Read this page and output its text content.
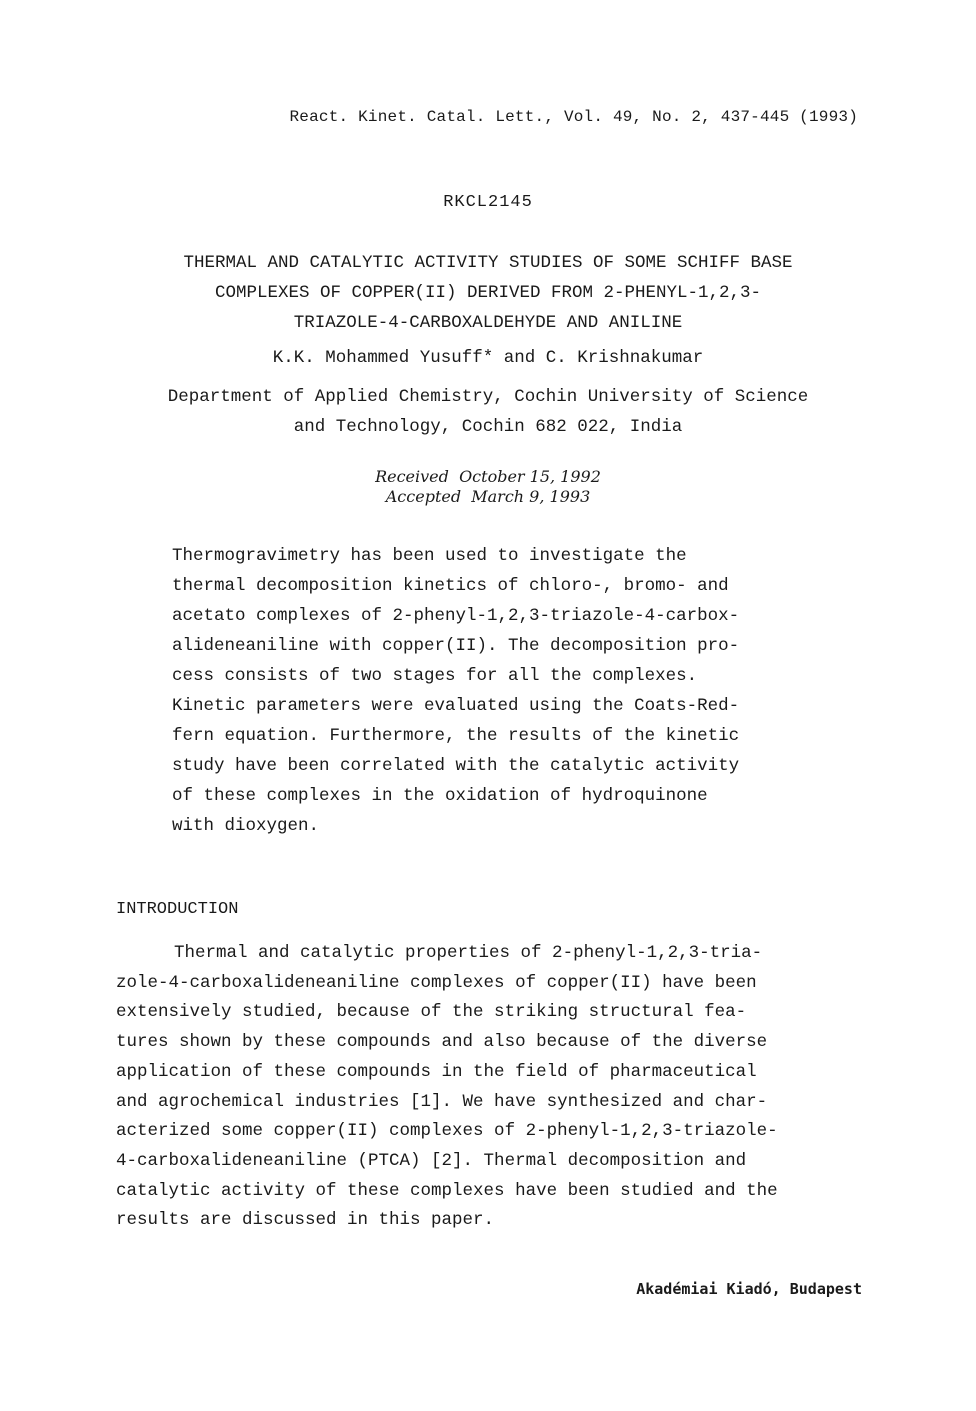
React. Kinet. Catal. Lett., Vol. 49, No. 2, 437-445 (1993)
RKCL2145
THERMAL AND CATALYTIC ACTIVITY STUDIES OF SOME SCHIFF BASE
COMPLEXES OF COPPER(II) DERIVED FROM 2-PHENYL-1,2,3-
TRIAZOLE-4-CARBOXALDEHYDE AND ANILINE
K.K. Mohammed Yusuff* and C. Krishnakumar
Department of Applied Chemistry, Cochin University of Science
and Technology, Cochin 682 022, India
Received  October 15, 1992
Accepted  March 9, 1993
Thermogravimetry has been used to investigate the
thermal decomposition kinetics of chloro-, bromo- and
acetato complexes of 2-phenyl-1,2,3-triazole-4-carbox-
alideneaniline with copper(II). The decomposition pro-
cess consists of two stages for all the complexes.
Kinetic parameters were evaluated using the Coats-Red-
fern equation. Furthermore, the results of the kinetic
study have been correlated with the catalytic activity
of these complexes in the oxidation of hydroquinone
with dioxygen.
INTRODUCTION
Thermal and catalytic properties of 2-phenyl-1,2,3-tria-
zole-4-carboxalideneaniline complexes of copper(II) have been
extensively studied, because of the striking structural fea-
tures shown by these compounds and also because of the diverse
application of these compounds in the field of pharmaceutical
and agrochemical industries [1]. We have synthesized and char-
acterized some copper(II) complexes of 2-phenyl-1,2,3-triazole-
4-carboxalideneaniline (PTCA) [2]. Thermal decomposition and
catalytic activity of these complexes have been studied and the
results are discussed in this paper.
Akadémiai Kiadó, Budapest
